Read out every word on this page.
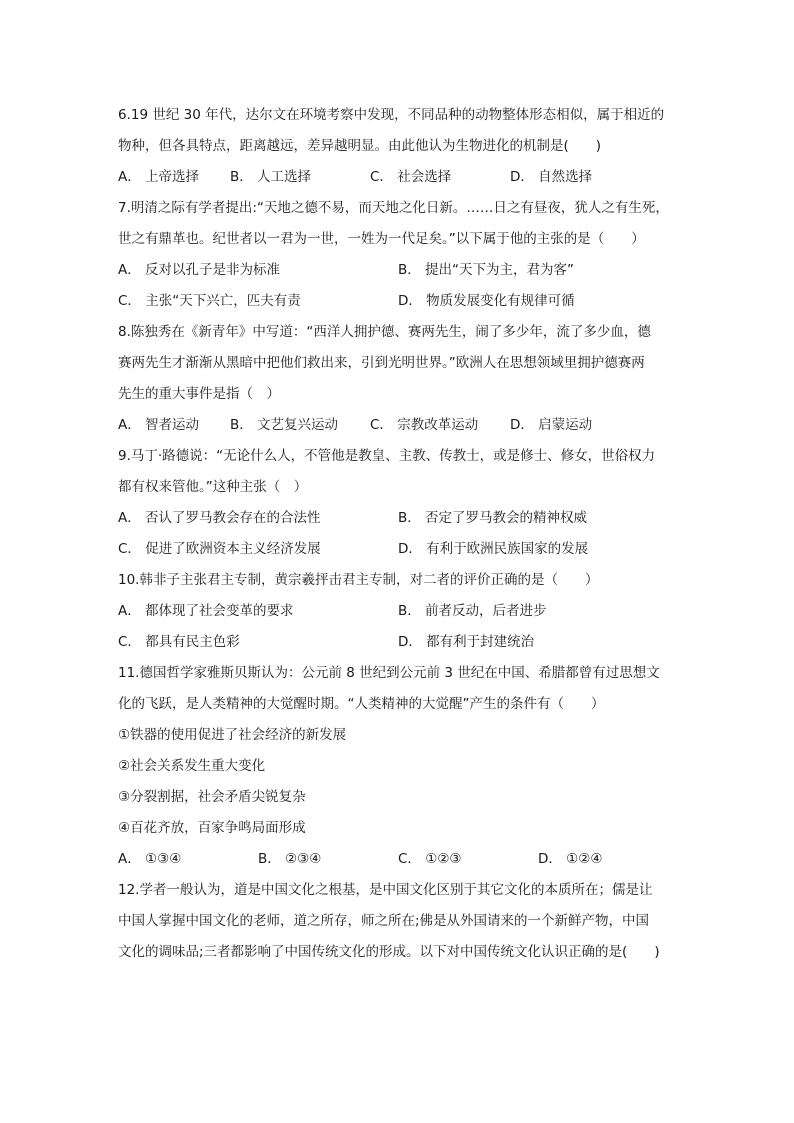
6.19 世纪 30 年代，达尔文在环境考察中发现，不同品种的动物整体形态相似，属于相近的
物种，但各具特点，距离越远，差异越明显。由此他认为生物进化的机制是(　　)
A． 上帝选择	B． 人工选择	C． 社会选择	D． 自然选择
7.明清之际有学者提出:“天地之德不易，而天地之化日新。……日之有昼夜，犹人之有生死，
世之有鼎革也。纪世者以一君为一世，一姓为一代足矣。”以下属于他的主张的是（　　）
A． 反对以孔子是非为标准	B． 提出“天下为主，君为客”
C． 主张“天下兴亡，匹夫有责	D． 物质发展变化有规律可循
8.陈独秀在《新青年》中写道：“西洋人拥护德、赛两先生，闹了多少年，流了多少血，德
赛两先生才渐渐从黑暗中把他们救出来，引到光明世界。”欧洲人在思想领域里拥护德赛两
先生的重大事件是指（　）
A． 智者运动	B． 文艺复兴运动	C． 宗教改革运动	D． 启蒙运动
9.马丁·路德说：“无论什么人，不管他是教皇、主教、传教士，或是修士、修女，世俗权力
都有权来管他。”这种主张（　）
A． 否认了罗马教会存在的合法性	B． 否定了罗马教会的精神权威
C． 促进了欧洲资本主义经济发展	D． 有利于欧洲民族国家的发展
10.韩非子主张君主专制，黄宗羲抨击君主专制，对二者的评价正确的是（　　）
A． 都体现了社会变革的要求	B． 前者反动，后者进步
C． 都具有民主色彩	D． 都有利于封建统治
11.德国哲学家雅斯贝斯认为：公元前 8 世纪到公元前 3 世纪在中国、希腊都曾有过思想文
化的飞跃，是人类精神的大觉醒时期。“人类精神的大觉醒”产生的条件有（　　）
①铁器的使用促进了社会经济的新发展
②社会关系发生重大变化
③分裂割据，社会矛盾尖锐复杂
④百花齐放，百家争鸣局面形成
A． ①③④	B． ②③④	C． ①②③	D． ①②④
12.学者一般认为，道是中国文化之根基，是中国文化区别于其它文化的本质所在；儒是让
中国人掌握中国文化的老师，道之所存，师之所在;佛是从外国请来的一个新鲜产物，中国
文化的调味品;三者都影响了中国传统文化的形成。以下对中国传统文化认识正确的是(　　)
